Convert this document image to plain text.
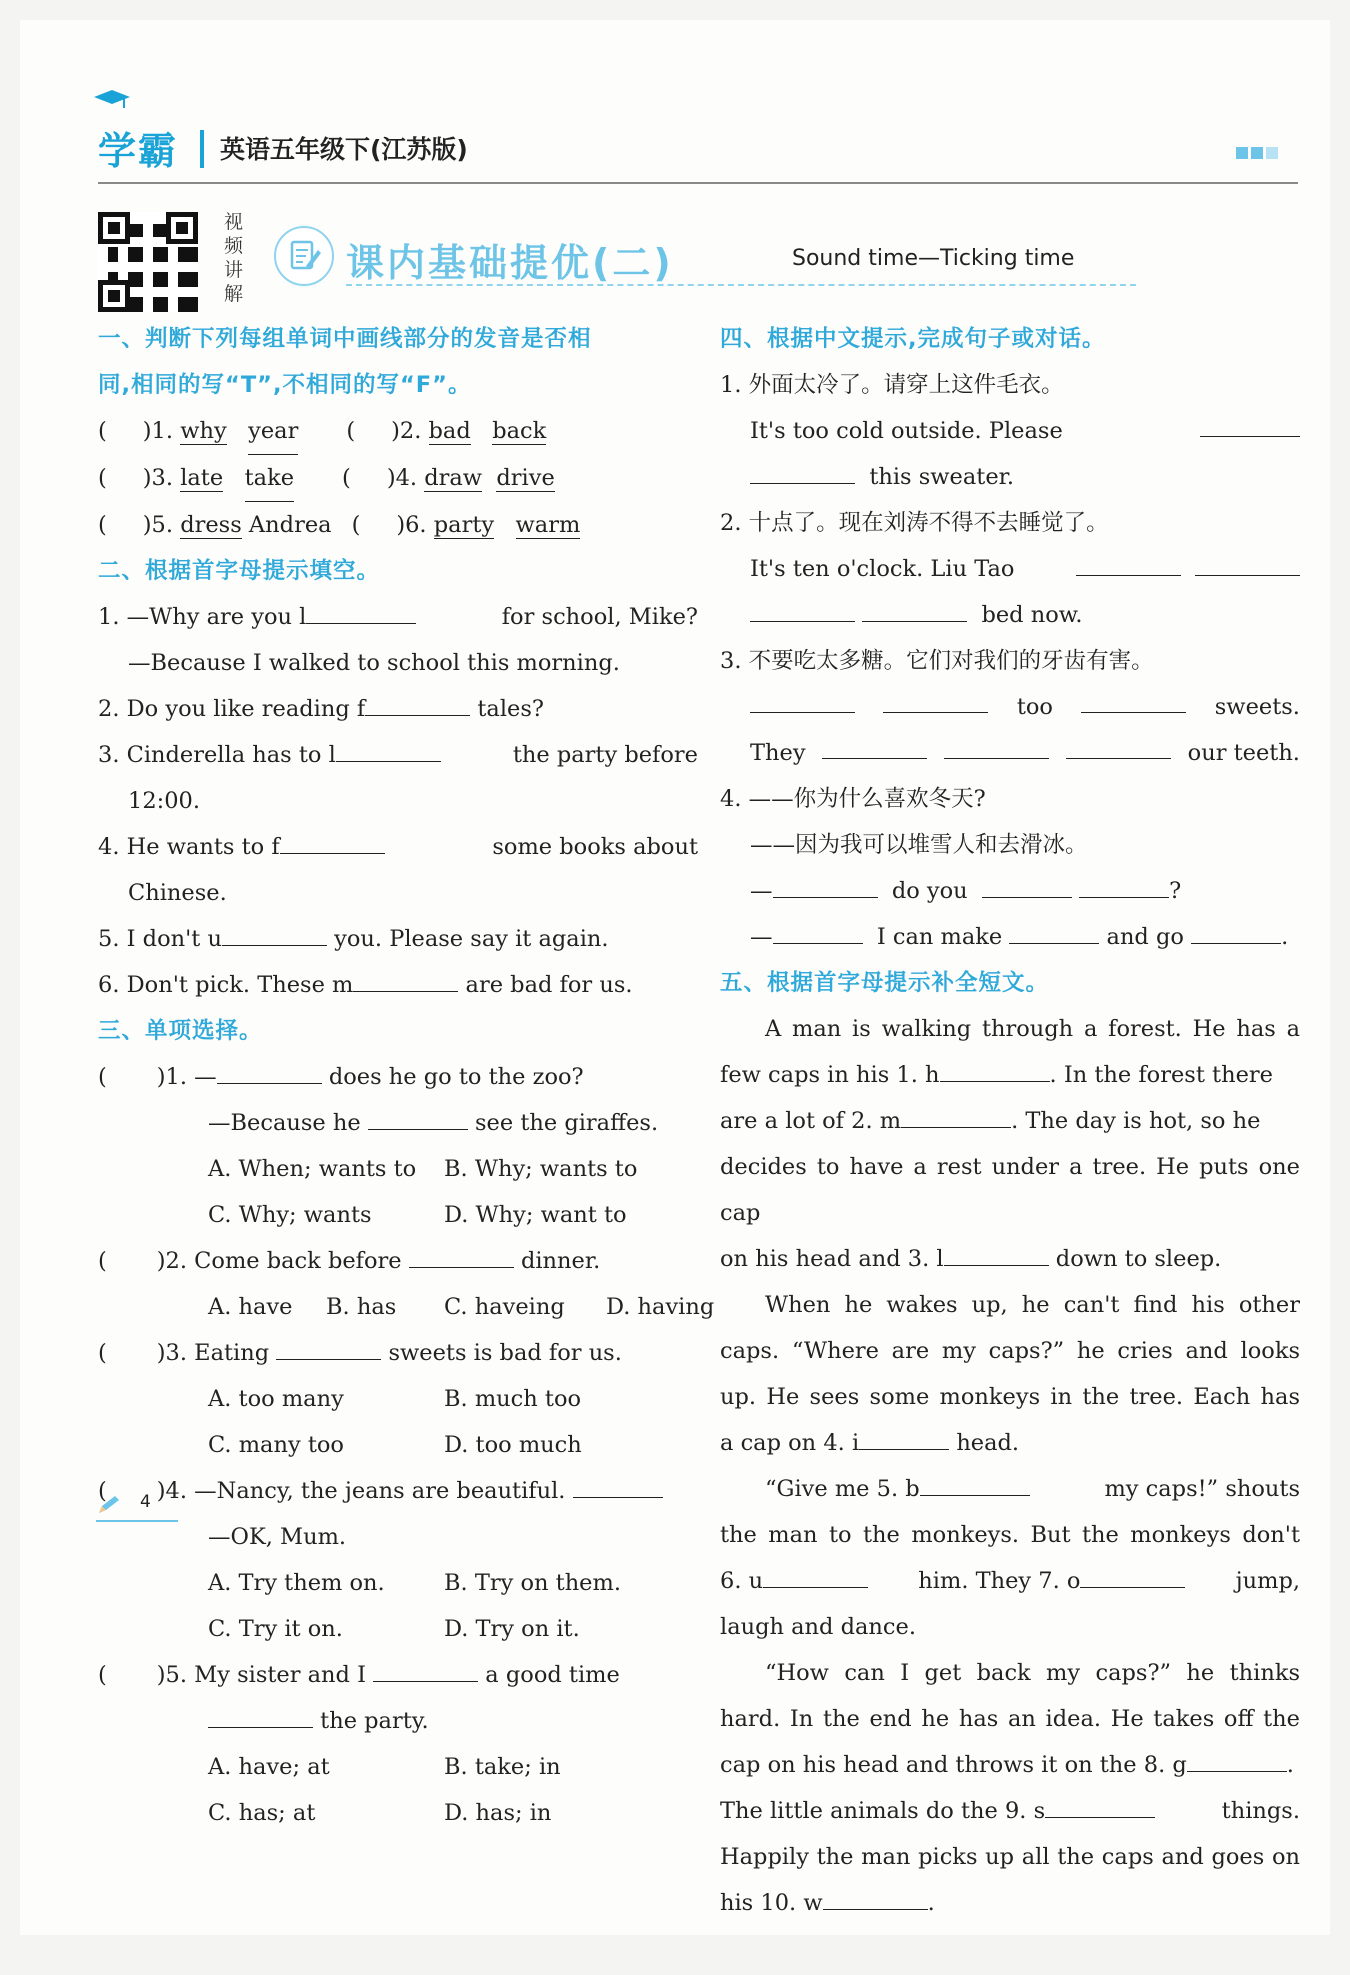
学霸 英语五年级下(江苏版)
视频讲解
课内基础提优(二)	Sound time—Ticking time
一、判断下列每组单词中画线部分的发音是否相
同,相同的写“T”,不相同的写“F”。
( )1. why year ( )2. bad back
( )3. late take ( )4. draw drive
( )5. dress Andrea ( )6. party warm
二、根据首字母提示填空。
1. —Why are you l	for school, Mike?
—Because I walked to school this morning.
2. Do you like reading f	tales?
3. Cinderella has to l	the party before
12:00.
4. He wants to f	some books about
Chinese.
5. I don't u	you. Please say it again.
6. Don't pick. These m	are bad for us.
三、单项选择。
( )1. —	does he go to the zoo?
—Because he	see the giraffes.
A. When; wants to B. Why; wants to
C. Why; wants	D. Why; want to
( )2. Come back before	dinner.
A. have B. has C. haveing D. having
( )3. Eating	sweets is bad for us.
A. too many	B. much too
C. many too	D. too much
( )4. —Nancy, the jeans are beautiful.
—OK, Mum.
A. Try them on.	B. Try on them.
C. Try it on.	D. Try on it.
( )5. My sister and I	a good time
the party.
A. have; at	B. take; in
C. has; at	D. has; in
四、根据中文提示,完成句子或对话。
1. 外面太冷了。请穿上这件毛衣。
It's too cold outside. Please
this sweater.
2. 十点了。现在刘涛不得不去睡觉了。
It's ten o'clock. Liu Tao

bed now.
3. 不要吃太多糖。它们对我们的牙齿有害。
too	sweets.
They	our teeth.
4. ——你为什么喜欢冬天?
——因为我可以堆雪人和去滑冰。
—	do you	?
—	I can make	and go	.
五、根据首字母提示补全短文。
A man is walking through a forest. He has a
few caps in his 1. h	. In the forest there
are a lot of 2. m	. The day is hot, so he
decides to have a rest under a tree. He puts one cap
on his head and 3. l	down to sleep.
When he wakes up, he can't find his other
caps. “Where are my caps?” he cries and looks
up. He sees some monkeys in the tree. Each has
a cap on 4. i	head.
“Give me 5. b	my caps!” shouts
the man to the monkeys. But the monkeys don't
6. u	him. They 7. o	jump,
laugh and dance.
“How can I get back my caps?” he thinks
hard. In the end he has an idea. He takes off the
cap on his head and throws it on the 8. g	.
The little animals do the 9. s	things.
Happily the man picks up all the caps and goes on
his 10. w	.
4
